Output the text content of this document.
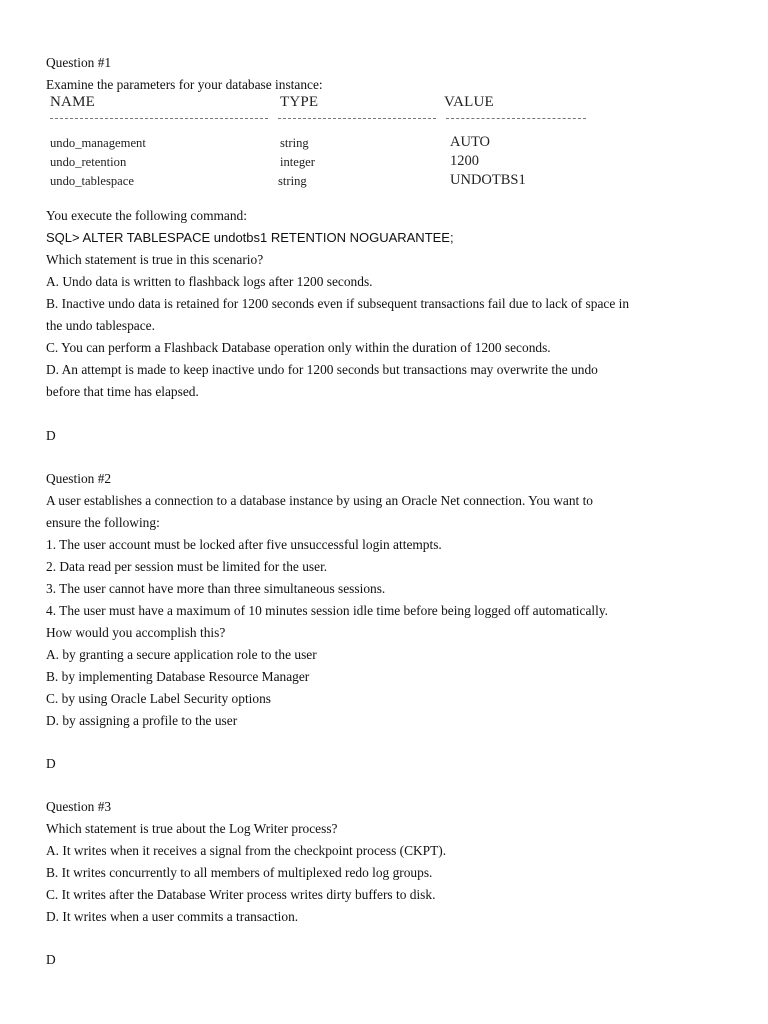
Question #1
Examine the parameters for your database instance:
NAME	TYPE	VALUE
undo_management	string	AUTO
undo_retention	integer	1200
undo_tablespace	string	UNDOTBS1
You execute the following command:
SQL> ALTER TABLESPACE undotbs1 RETENTION NOGUARANTEE;
Which statement is true in this scenario?
A. Undo data is written to flashback logs after 1200 seconds.
B. Inactive undo data is retained for 1200 seconds even if subsequent transactions fail due to lack of space in
the undo tablespace.
C. You can perform a Flashback Database operation only within the duration of 1200 seconds.
D. An attempt is made to keep inactive undo for 1200 seconds but transactions may overwrite the undo
before that time has elapsed.
D
Question #2
A user establishes a connection to a database instance by using an Oracle Net connection. You want to
ensure the following:
1. The user account must be locked after five unsuccessful login attempts.
2. Data read per session must be limited for the user.
3. The user cannot have more than three simultaneous sessions.
4. The user must have a maximum of 10 minutes session idle time before being logged off automatically.
How would you accomplish this?
A. by granting a secure application role to the user
B. by implementing Database Resource Manager
C. by using Oracle Label Security options
D. by assigning a profile to the user
D
Question #3
Which statement is true about the Log Writer process?
A. It writes when it receives a signal from the checkpoint process (CKPT).
B. It writes concurrently to all members of multiplexed redo log groups.
C. It writes after the Database Writer process writes dirty buffers to disk.
D. It writes when a user commits a transaction.
D
